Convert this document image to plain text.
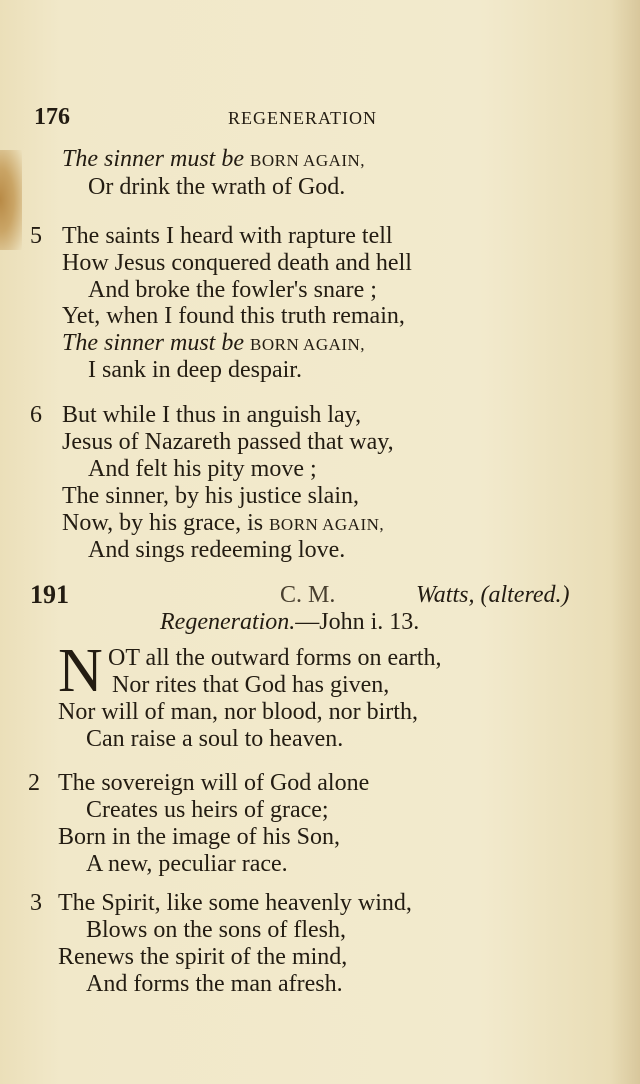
176	REGENERATION
The sinner must be BORN AGAIN,
Or drink the wrath of God.
5 The saints I heard with rapture tell
How Jesus conquered death and hell
And broke the fowler's snare ;
Yet, when I found this truth remain,
The sinner must be BORN AGAIN,
I sank in deep despair.
6 But while I thus in anguish lay,
Jesus of Nazareth passed that way,
And felt his pity move ;
The sinner, by his justice slain,
Now, by his grace, is BORN AGAIN,
And sings redeeming love.
191	C. M.	Watts, (altered.)
Regeneration.—John i. 13.
N OT all the outward forms on earth,
Nor rites that God has given,
Nor will of man, nor blood, nor birth,
Can raise a soul to heaven.
2 The sovereign will of God alone
Creates us heirs of grace;
Born in the image of his Son,
A new, peculiar race.
3 The Spirit, like some heavenly wind,
Blows on the sons of flesh,
Renews the spirit of the mind,
And forms the man afresh.
